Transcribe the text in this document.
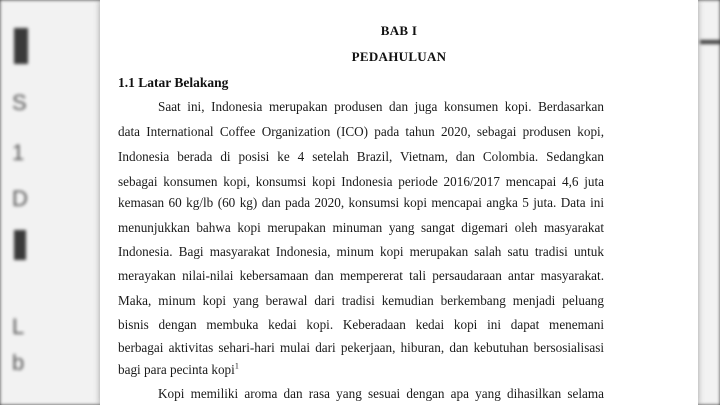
S
1
D
L
b
BAB I
PEDAHULUAN
1.1 Latar Belakang
Saat ini, Indonesia merupakan produsen dan juga konsumen kopi. Berdasarkan
data International Coffee Organization (ICO) pada tahun 2020, sebagai produsen kopi,
Indonesia berada di posisi ke 4 setelah Brazil, Vietnam, dan Colombia. Sedangkan
sebagai konsumen kopi, konsumsi kopi Indonesia periode 2016/2017 mencapai 4,6 juta
kemasan 60 kg/lb (60 kg) dan pada 2020, konsumsi kopi mencapai angka 5 juta. Data ini
menunjukkan bahwa kopi merupakan minuman yang sangat digemari oleh masyarakat
Indonesia. Bagi masyarakat Indonesia, minum kopi merupakan salah satu tradisi untuk
merayakan nilai-nilai kebersamaan dan mempererat tali persaudaraan antar masyarakat.
Maka, minum kopi yang berawal dari tradisi kemudian berkembang menjadi peluang
bisnis dengan membuka kedai kopi. Keberadaan kedai kopi ini dapat menemani
berbagai aktivitas sehari-hari mulai dari pekerjaan, hiburan, dan kebutuhan bersosialisasi
bagi para pecinta kopi$^1$
Kopi memiliki aroma dan rasa yang sesuai dengan apa yang dihasilkan selama
